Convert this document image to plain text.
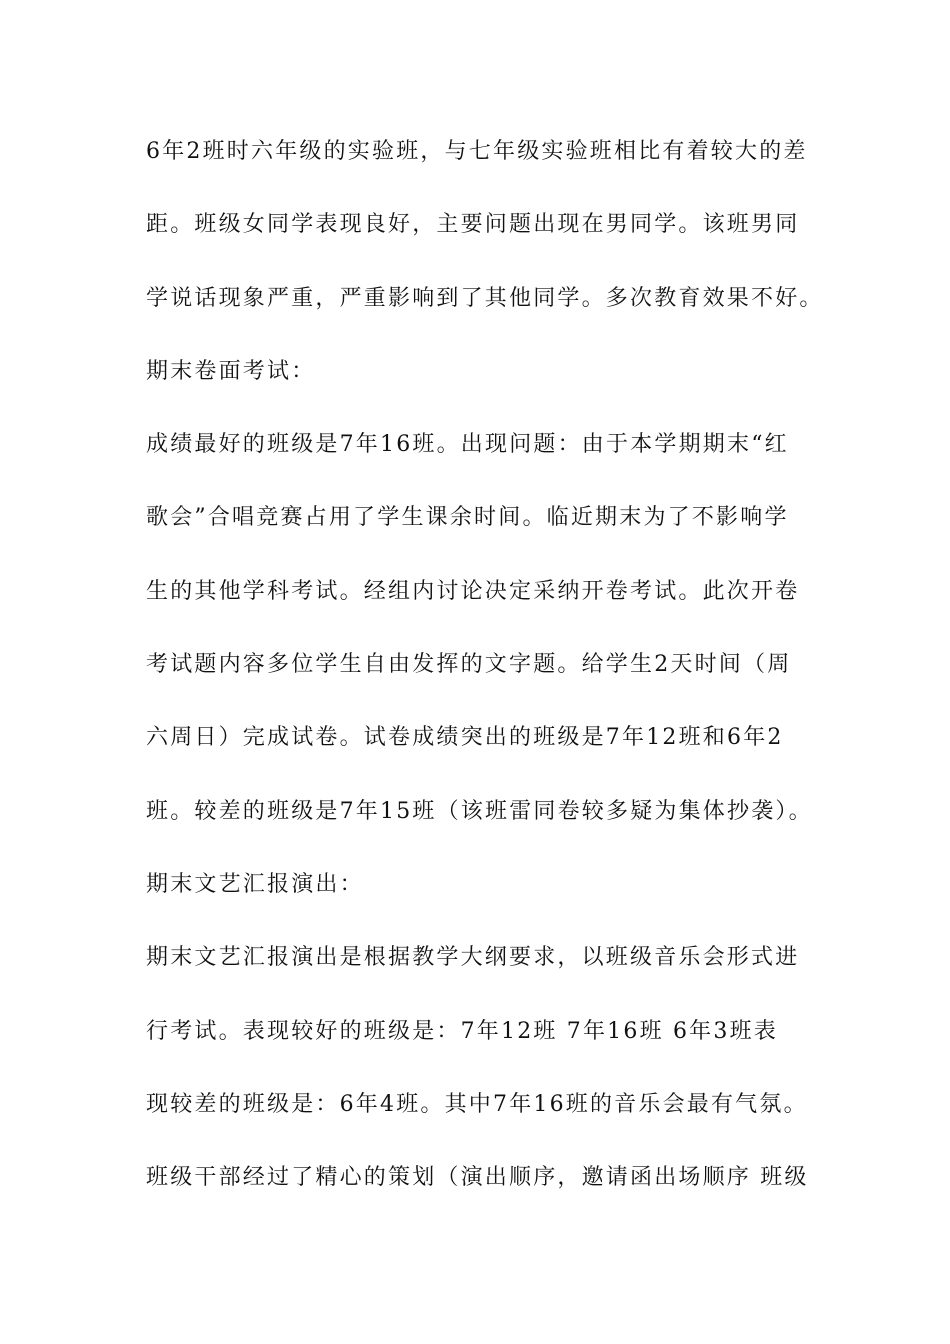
6年2班时六年级的实验班，与七年级实验班相比有着较大的差
距。班级女同学表现良好，主要问题出现在男同学。该班男同
学说话现象严重，严重影响到了其他同学。多次教育效果不好。
期末卷面考试：
成绩最好的班级是7年16班。出现问题：由于本学期期末“红
歌会”合唱竞赛占用了学生课余时间。临近期末为了不影响学
生的其他学科考试。经组内讨论决定采纳开卷考试。此次开卷
考试题内容多位学生自由发挥的文字题。给学生2天时间（周
六周日）完成试卷。试卷成绩突出的班级是7年12班和6年2
班。较差的班级是7年15班（该班雷同卷较多疑为集体抄袭）。
期末文艺汇报演出：
期末文艺汇报演出是根据教学大纲要求，以班级音乐会形式进
行考试。表现较好的班级是：7年12班 7年16班 6年3班表
现较差的班级是：6年4班。其中7年16班的音乐会最有气氛。
班级干部经过了精心的策划（演出顺序，邀请函出场顺序 班级
